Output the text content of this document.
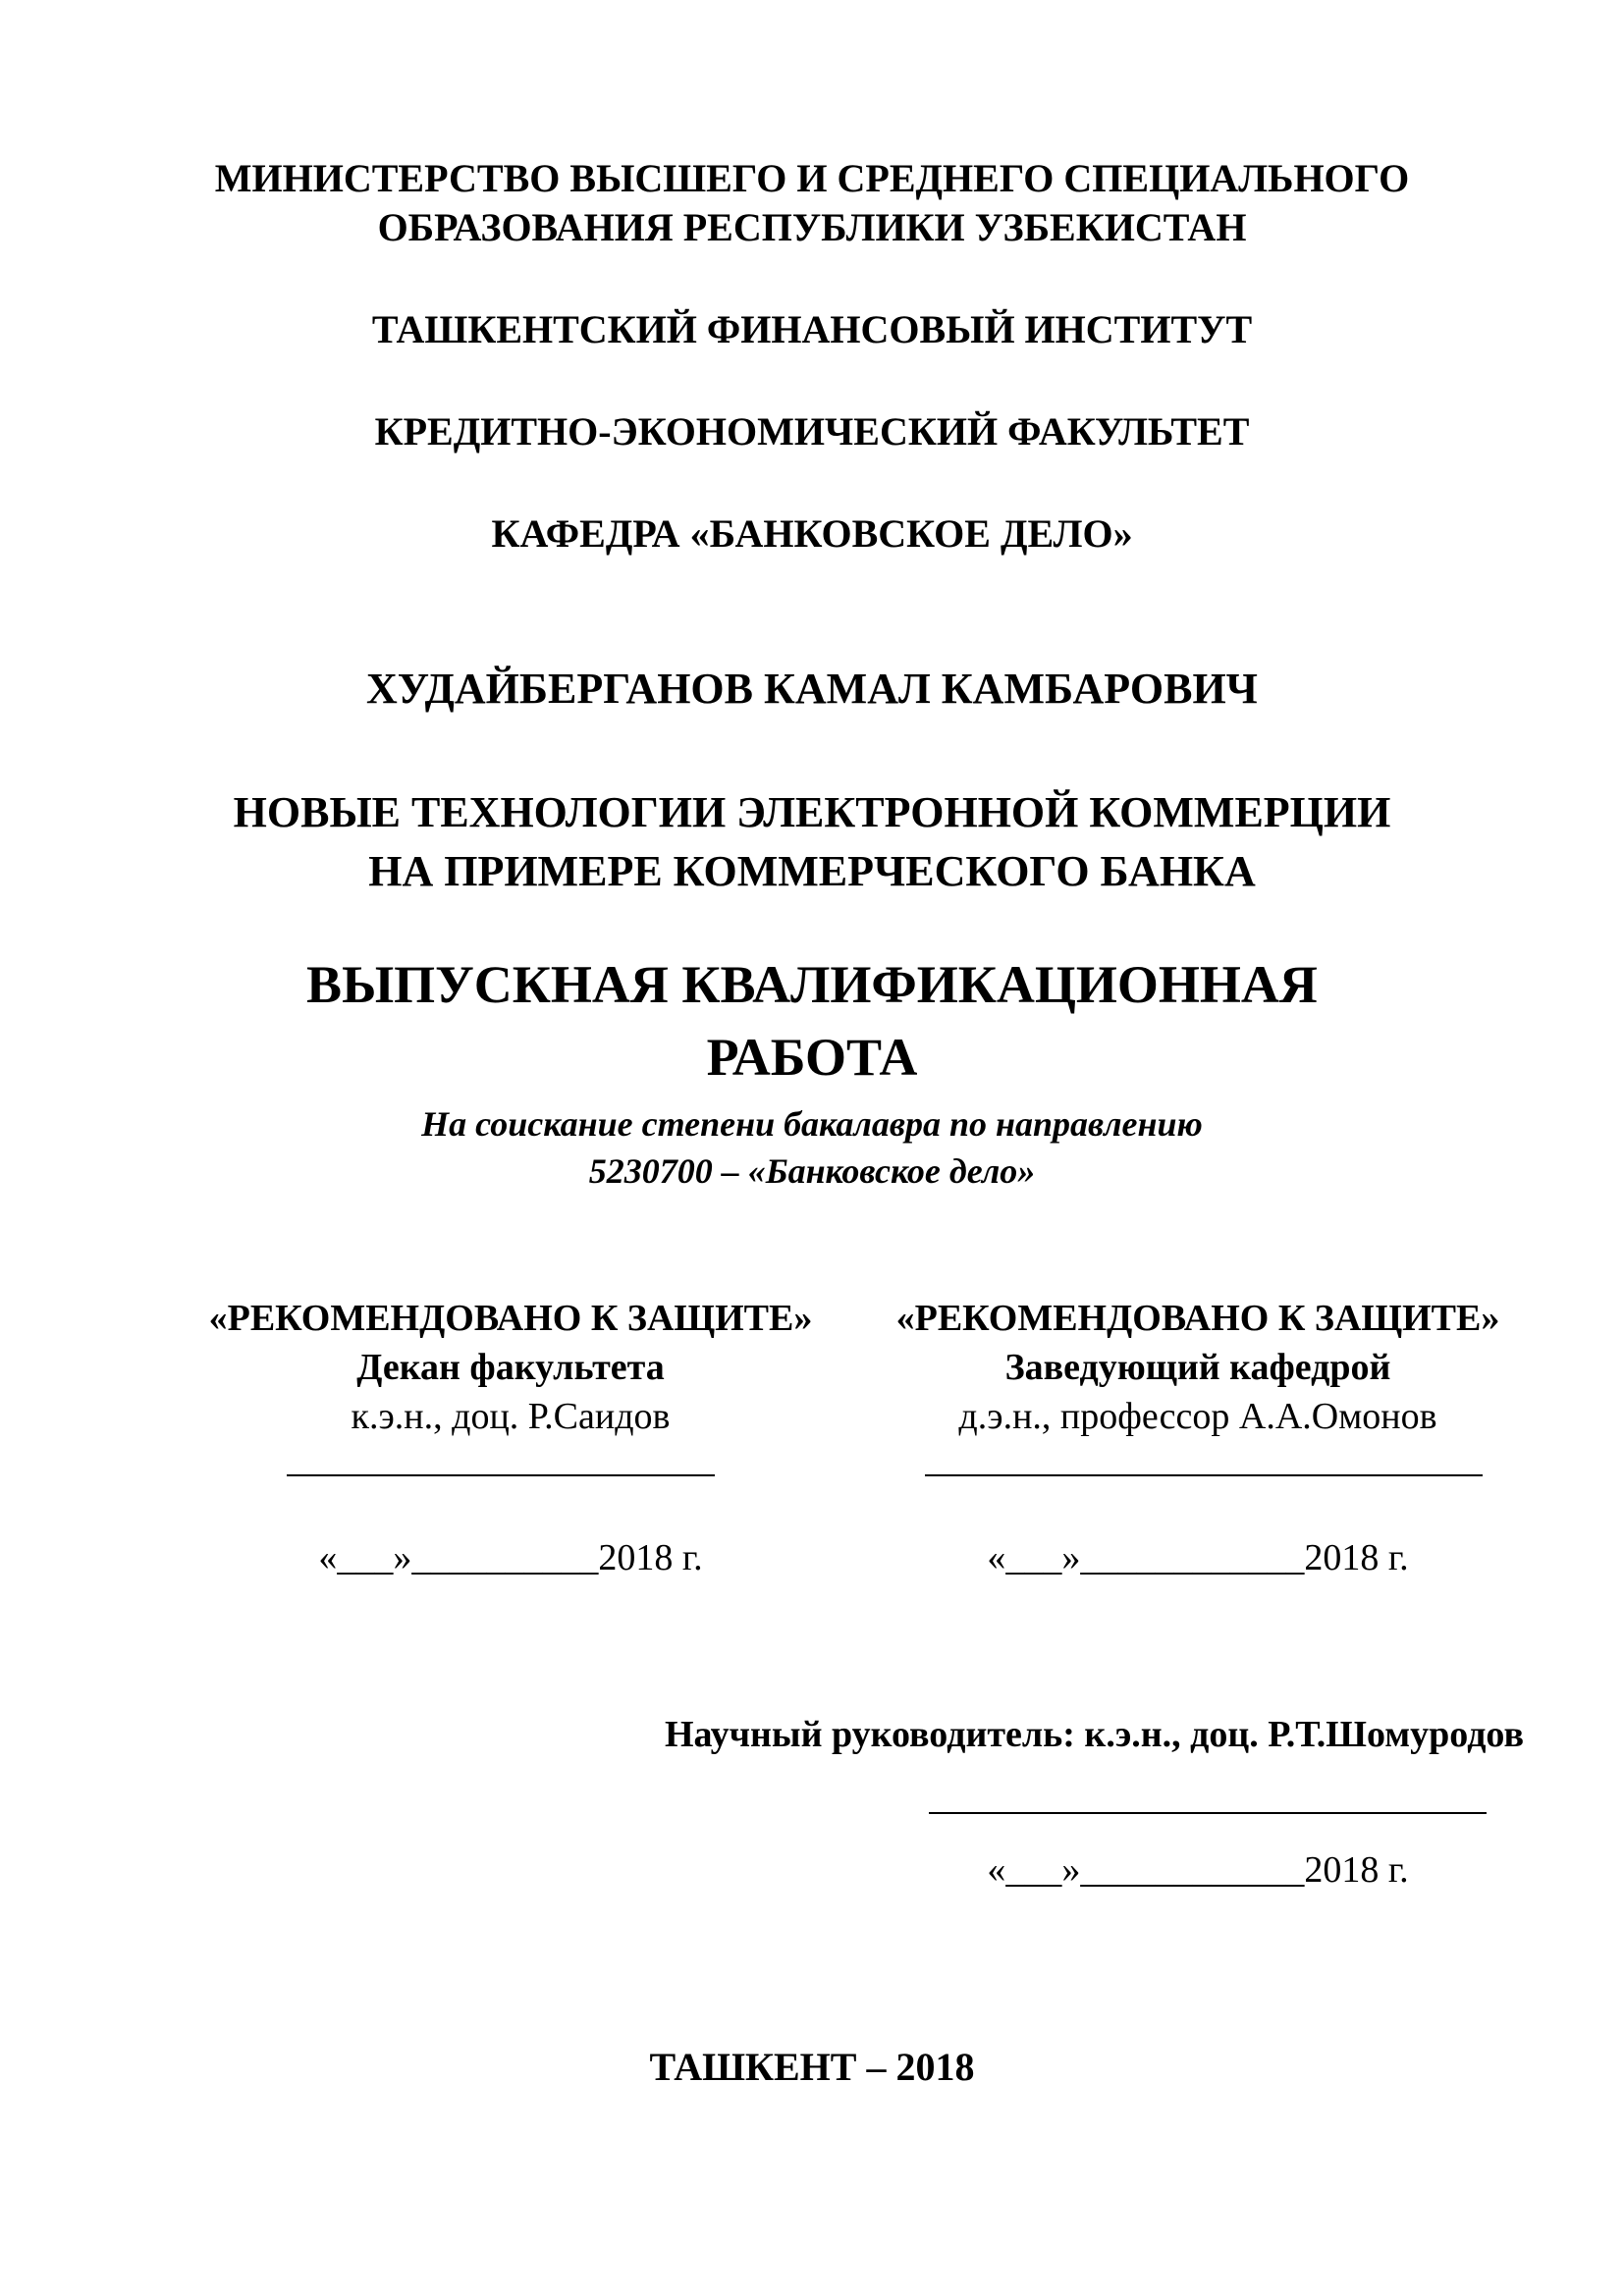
МИНИСТЕРСТВО ВЫСШЕГО И СРЕДНЕГО СПЕЦИАЛЬНОГО
ОБРАЗОВАНИЯ РЕСПУБЛИКИ УЗБЕКИСТАН
ТАШКЕНТСКИЙ ФИНАНСОВЫЙ ИНСТИТУТ
КРЕДИТНО-ЭКОНОМИЧЕСКИЙ ФАКУЛЬТЕТ
КАФЕДРА «БАНКОВСКОЕ ДЕЛО»
ХУДАЙБЕРГАНОВ КАМАЛ КАМБАРОВИЧ
НОВЫЕ ТЕХНОЛОГИИ ЭЛЕКТРОННОЙ КОММЕРЦИИ
НА ПРИМЕРЕ КОММЕРЧЕСКОГО БАНКА
ВЫПУСКНАЯ КВАЛИФИКАЦИОННАЯ
РАБОТА
На соискание степени бакалавра по направлению
5230700 – «Банковское дело»
«РЕКОМЕНДОВАНО К ЗАЩИТЕ»
Декан факультета
к.э.н., доц. Р.Саидов
«___»__________2018 г.
«РЕКОМЕНДОВАНО К ЗАЩИТЕ»
Заведующий кафедрой
д.э.н., профессор А.А.Омонов
«___»____________2018 г.
Научный руководитель: к.э.н., доц. Р.Т.Шомуродов
«___»____________2018 г.
ТАШКЕНТ – 2018
